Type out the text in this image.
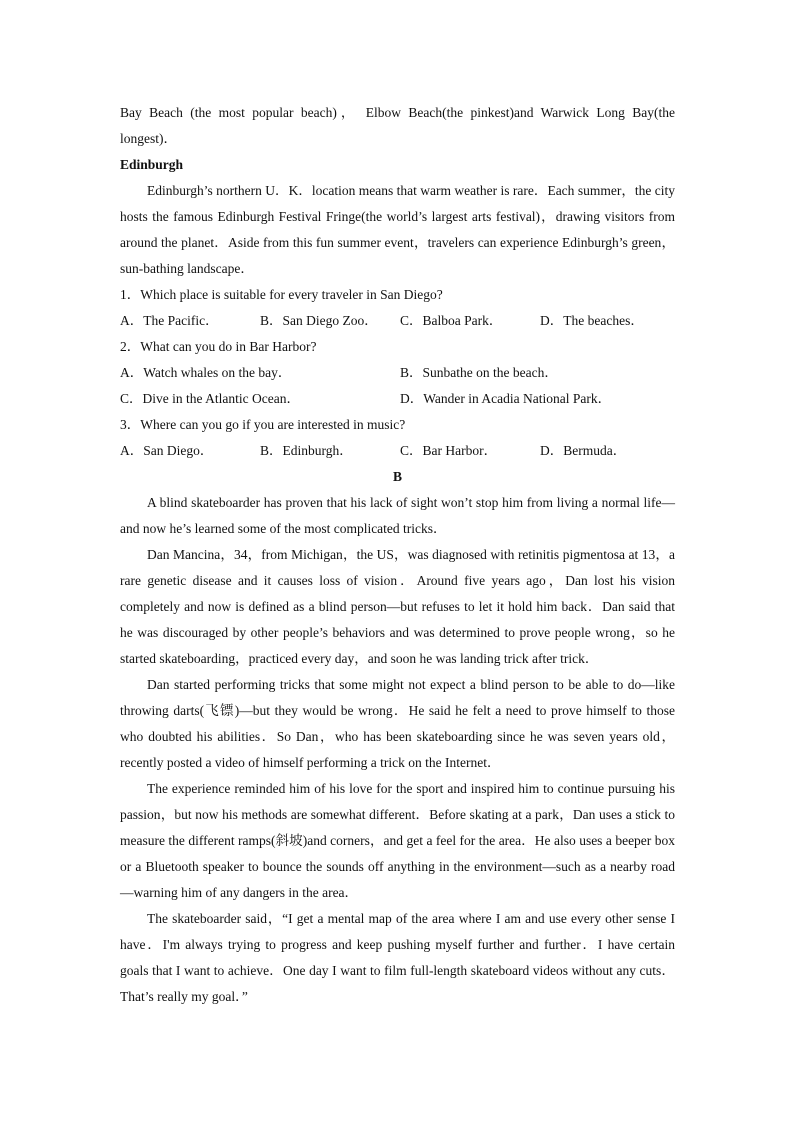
Bay Beach (the most popular beach)， Elbow Beach(the pinkest)and Warwick Long Bay(the longest)．

Edinburgh

Edinburgh’s northern U．K．location means that warm weather is rare．Each summer，the city hosts the famous Edinburgh Festival Fringe(the world’s largest arts festival)，drawing visitors from around the planet．Aside from this fun summer event，travelers can experience Edinburgh’s green，sun-bathing landscape．

1．Which place is suitable for every traveler in San Diego?

A．The Pacific．	B．San Diego Zoo．	C．Balboa Park．	D．The beaches．

2．What can you do in Bar Harbor?

A．Watch whales on the bay．	B．Sunbathe on the beach．
C．Dive in the Atlantic Ocean．	D．Wander in Acadia National Park．

3．Where can you go if you are interested in music?

A．San Diego．	B．Edinburgh．	C．Bar Harbor．	D．Bermuda．

B

A blind skateboarder has proven that his lack of sight won’t stop him from living a normal life—and now he’s learned some of the most complicated tricks．

Dan Mancina，34，from Michigan，the US，was diagnosed with retinitis pigmentosa at 13，a rare genetic disease and it causes loss of vision．Around five years ago，Dan lost his vision completely and now is defined as a blind person—but refuses to let it hold him back．Dan said that he was discouraged by other people’s behaviors and was determined to prove people wrong，so he started skateboarding，practiced every day，and soon he was landing trick after trick．

Dan started performing tricks that some might not expect a blind person to be able to do—like throwing darts(飞镖)—but they would be wrong．He said he felt a need to prove himself to those who doubted his abilities．So Dan，who has been skateboarding since he was seven years old，recently posted a video of himself performing a trick on the Internet．

The experience reminded him of his love for the sport and inspired him to continue pursuing his passion，but now his methods are somewhat different．Before skating at a park，Dan uses a stick to measure the different ramps(斜坡)and corners，and get a feel for the area．He also uses a beeper box or a Bluetooth speaker to bounce the sounds off anything in the environment—such as a nearby road—warning him of any dangers in the area．

The skateboarder said，“I get a mental map of the area where I am and use every other sense I have．I'm always trying to progress and keep pushing myself further and further．I have certain goals that I want to achieve．One day I want to film full-length skateboard videos without any cuts．That’s really my goal．”
